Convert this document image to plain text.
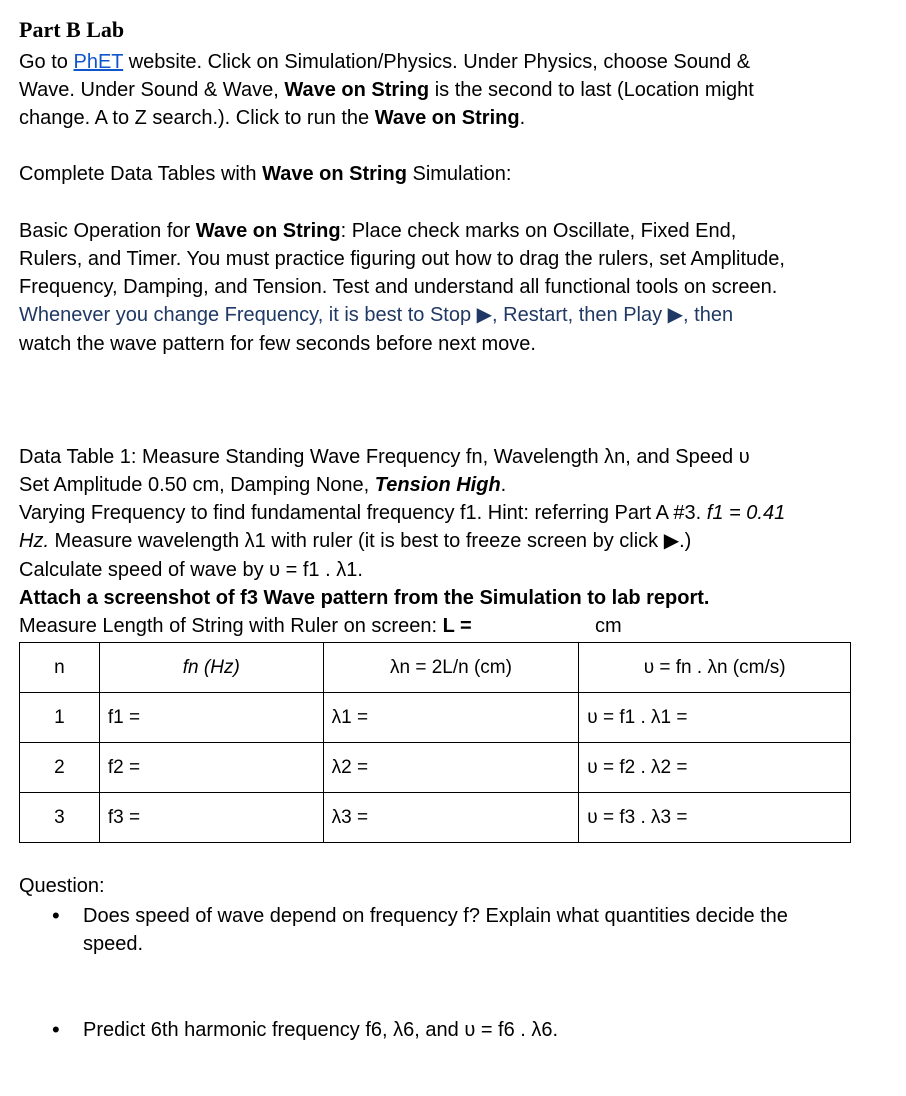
Part B Lab
Go to PhET website. Click on Simulation/Physics. Under Physics, choose Sound &
Wave. Under Sound & Wave, Wave on String is the second to last (Location might
change. A to Z search.). Click to run the Wave on String.
Complete Data Tables with Wave on String Simulation:
Basic Operation for Wave on String: Place check marks on Oscillate, Fixed End,
Rulers, and Timer. You must practice figuring out how to drag the rulers, set Amplitude,
Frequency, Damping, and Tension. Test and understand all functional tools on screen.
Whenever you change Frequency, it is best to Stop ▶, Restart, then Play ▶, then
watch the wave pattern for few seconds before next move.
Data Table 1: Measure Standing Wave Frequency fn, Wavelength λn, and Speed υ
Set Amplitude 0.50 cm, Damping None, Tension High.
Varying Frequency to find fundamental frequency f1. Hint: referring Part A #3. f1 = 0.41
Hz. Measure wavelength λ1 with ruler (it is best to freeze screen by click ▶.)
Calculate speed of wave by υ = f1 . λ1.
Attach a screenshot of f3 Wave pattern from the Simulation to lab report.
Measure Length of String with Ruler on screen: L =	cm
n	fn (Hz)	λn = 2L/n (cm)	υ = fn . λn (cm/s)
1	f1 =	λ1 =	υ = f1 . λ1 =
2	f2 =	λ2 =	υ = f2 . λ2 =
3	f3 =	λ3 =	υ = f3 . λ3 =
Question:
• Does speed of wave depend on frequency f? Explain what quantities decide the
speed.
• Predict 6th harmonic frequency f6, λ6, and υ = f6 . λ6.
